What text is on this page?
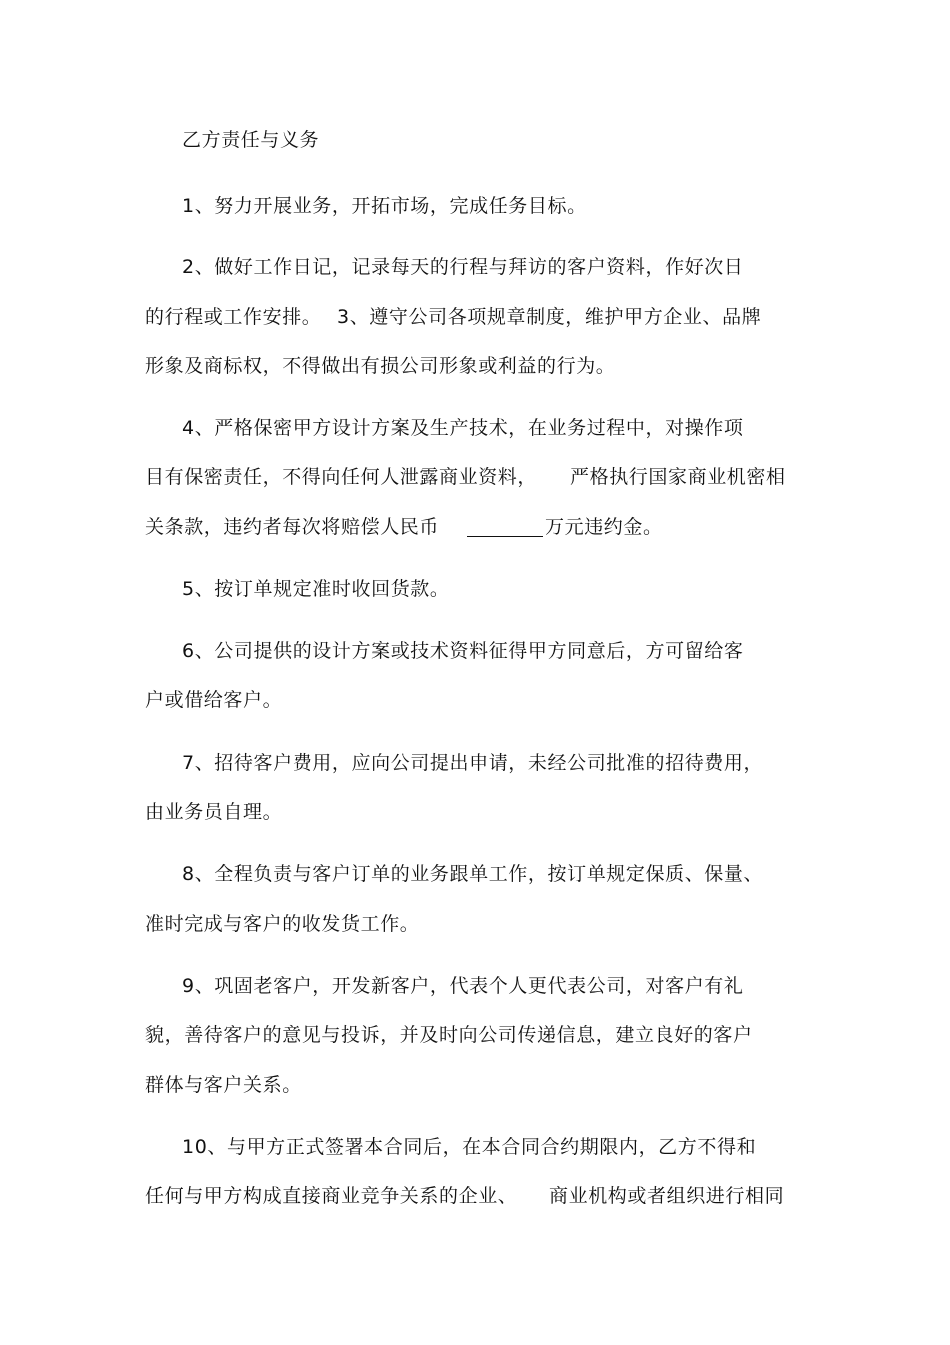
乙方责任与义务
1、努力开展业务，开拓市场，完成任务目标。
2、做好工作日记，记录每天的行程与拜访的客户资料，作好次日
的行程或工作安排。 3、遵守公司各项规章制度，维护甲方企业、品牌
形象及商标权，不得做出有损公司形象或利益的行为。
4、严格保密甲方设计方案及生产技术，在业务过程中，对操作项
目有保密责任，不得向任何人泄露商业资料， 严格执行国家商业机密相
关条款，违约者每次将赔偿人民币	万元违约金。
5、按订单规定准时收回货款。
6、公司提供的设计方案或技术资料征得甲方同意后，方可留给客
户或借给客户。
7、招待客户费用，应向公司提出申请，未经公司批准的招待费用，
由业务员自理。
8、全程负责与客户订单的业务跟单工作，按订单规定保质、保量、
准时完成与客户的收发货工作。
9、巩固老客户，开发新客户，代表个人更代表公司，对客户有礼
貌，善待客户的意见与投诉，并及时向公司传递信息，建立良好的客户
群体与客户关系。
10、与甲方正式签署本合同后，在本合同合约期限内，乙方不得和
任何与甲方构成直接商业竞争关系的企业、 商业机构或者组织进行相同
